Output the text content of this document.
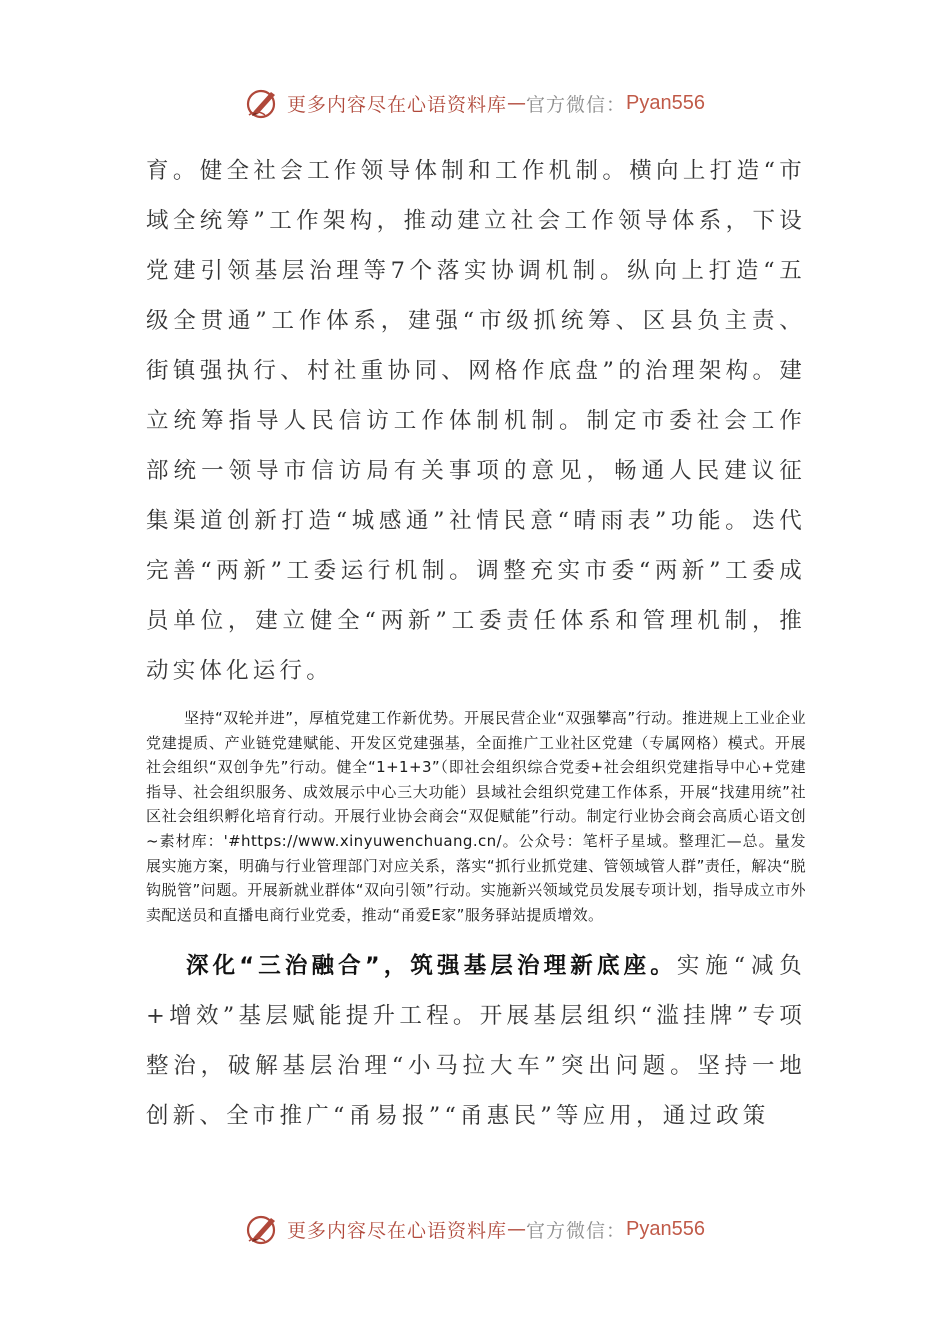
更多内容尽在心语资料库 — 官方微信： Pyan556

育。健全社会工作领导体制和工作机制。横向上打造“市域全统筹”工作架构，推动建立社会工作领导体系，下设党建引领基层治理等7个落实协调机制。纵向上打造“五级全贯通”工作体系，建强“市级抓统筹、区县负主责、街镇强执行、村社重协同、网格作底盘”的治理架构。建立统筹指导人民信访工作体制机制。制定市委社会工作部统一领导市信访局有关事项的意见，畅通人民建议征集渠道创新打造“城感通”社情民意“晴雨表”功能。迭代完善“两新”工委运行机制。调整充实市委“两新”工委成员单位，建立健全“两新”工委责任体系和管理机制，推动实体化运行。

坚持“双轮并进”，厚植党建工作新优势。开展民营企业“双强攀高”行动。推进规上工业企业党建提质、产业链党建赋能、开发区党建强基，全面推广工业社区党建（专属网格）模式。开展社会组织“双创争先”行动。健全“1+1+3”（即社会组织综合党委+社会组织党建指导中心+党建指导、社会组织服务、成效展示中心三大功能）县域社会组织党建工作体系，开展“找建用统”社区社会组织孵化培育行动。开展行业协会商会“双促赋能”行动。制定行业协会商会高质心语文创~素材库：'#https://www.xinyuwenchuang.cn/。公众号：笔杆子星域。整理汇—总。量发展实施方案，明确与行业管理部门对应关系，落实“抓行业抓党建、管领域管人群”责任，解决“脱钩脱管”问题。开展新就业群体“双向引领”行动。实施新兴领域党员发展专项计划，指导成立市外卖配送员和直播电商行业党委，推动“甬爱E家”服务驿站提质增效。

深化“三治融合”，筑强基层治理新底座。实施“减负+增效”基层赋能提升工程。开展基层组织“滥挂牌”专项整治，破解基层治理“小马拉大车”突出问题。坚持一地创新、全市推广“甬易报”“甬惠民”等应用，通过政策

更多内容尽在心语资料库 — 官方微信： Pyan556
